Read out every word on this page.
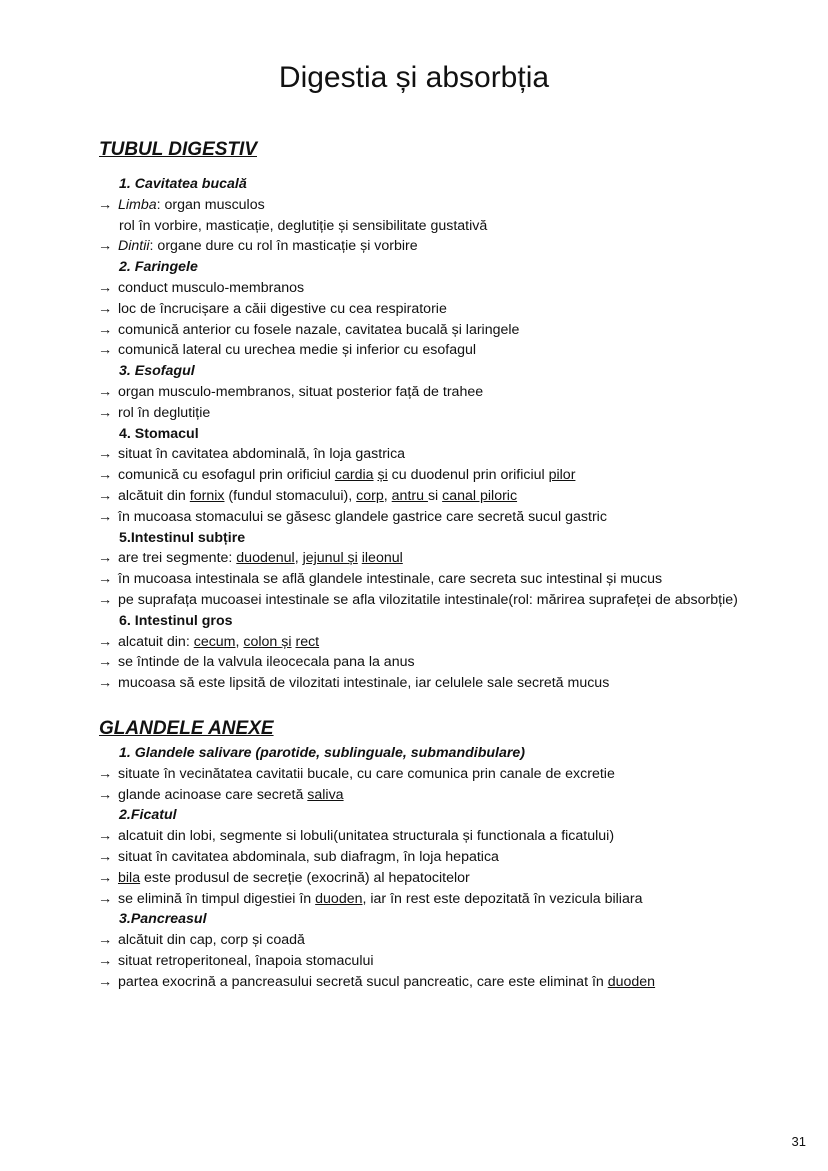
Digestia și absorbția
TUBUL DIGESTIV
1. Cavitatea bucală
→ Limba: organ musculos
rol în vorbire, masticație, deglutiție și sensibilitate gustativă
→ Dintii: organe dure cu rol în masticație și vorbire
2. Faringele
→ conduct musculo-membranos
→ loc de încrucișare a căii digestive cu cea respiratorie
→ comunică anterior cu fosele nazale, cavitatea bucală și laringele
→ comunică lateral cu urechea medie și inferior cu esofagul
3. Esofagul
→ organ musculo-membranos, situat posterior față de trahee
→ rol în deglutiție
4. Stomacul
→ situat în cavitatea abdominală, în loja gastrica
→ comunică cu esofagul prin orificiul cardia și cu duodenul prin orificiul pilor
→ alcătuit din fornix (fundul stomacului), corp, antru si canal piloric
→ în mucoasa stomacului se găsesc glandele gastrice care secretă sucul gastric
5.Intestinul subțire
→ are trei segmente: duodenul, jejunul și ileonul
→ în mucoasa intestinala se află glandele intestinale, care secreta suc intestinal și mucus
→ pe suprafața mucoasei intestinale se afla vilozitatile intestinale(rol: mărirea suprafeței de absorbție)
6. Intestinul gros
→ alcatuit din: cecum, colon și rect
→ se întinde de la valvula ileocecala pana la anus
→ mucoasa să este lipsită de vilozitati intestinale, iar celulele sale secretă mucus
GLANDELE ANEXE
1. Glandele salivare (parotide, sublinguale, submandibulare)
→ situate în vecinătatea cavitatii bucale, cu care comunica prin canale de excretie
→ glande acinoase care secretă saliva
2.Ficatul
→ alcatuit din lobi, segmente si lobuli(unitatea structurala și functionala a ficatului)
→ situat în cavitatea abdominala, sub diafragm, în loja hepatica
→ bila este produsul de secreție (exocrină) al hepatocitelor
→ se elimină în timpul digestiei în duoden, iar în rest este depozitată în vezicula biliara
3.Pancreasul
→ alcătuit din cap, corp și coadă
→ situat retroperitoneal, înapoia stomacului
→ partea exocrină a pancreasului secretă sucul pancreatic, care este eliminat în duoden
31
